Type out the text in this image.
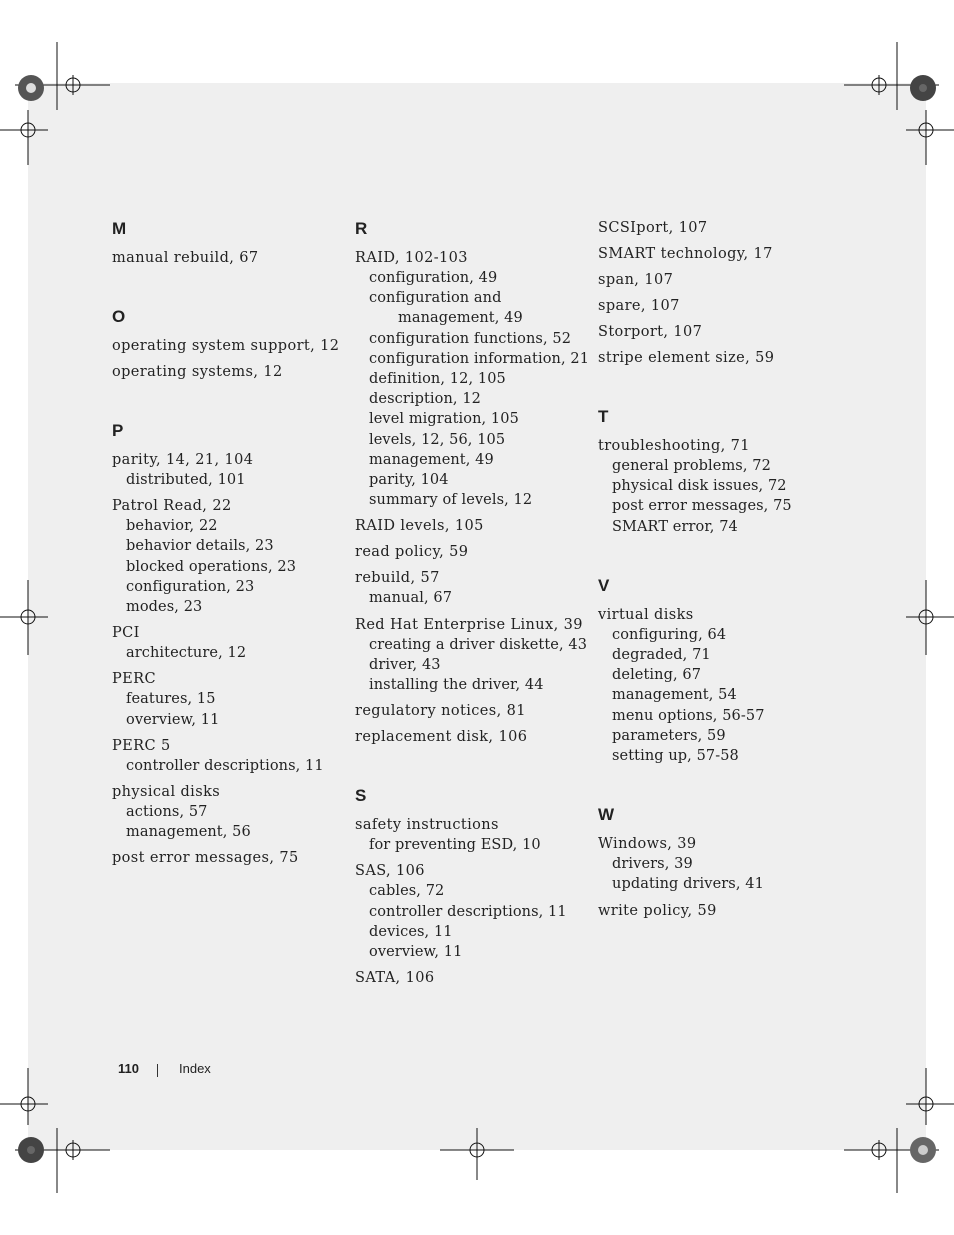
M
manual rebuild, 67
O
operating system support, 12
operating systems, 12
P
parity, 14, 21, 104
distributed, 101
Patrol Read, 22
behavior, 22
behavior details, 23
blocked operations, 23
configuration, 23
modes, 23
PCI
architecture, 12
PERC
features, 15
overview, 11
PERC 5
controller descriptions, 11
physical disks
actions, 57
management, 56
post error messages, 75
R
RAID, 102-103
configuration, 49
configuration and
management, 49
configuration functions, 52
configuration information, 21
definition, 12, 105
description, 12
level migration, 105
levels, 12, 56, 105
management, 49
parity, 104
summary of levels, 12
RAID levels, 105
read policy, 59
rebuild, 57
manual, 67
Red Hat Enterprise Linux, 39
creating a driver diskette, 43
driver, 43
installing the driver, 44
regulatory notices, 81
replacement disk, 106
S
safety instructions
for preventing ESD, 10
SAS, 106
cables, 72
controller descriptions, 11
devices, 11
overview, 11
SATA, 106
SCSIport, 107
SMART technology, 17
span, 107
spare, 107
Storport, 107
stripe element size, 59
T
troubleshooting, 71
general problems, 72
physical disk issues, 72
post error messages, 75
SMART error, 74
V
virtual disks
configuring, 64
degraded, 71
deleting, 67
management, 54
menu options, 56-57
parameters, 59
setting up, 57-58
W
Windows, 39
drivers, 39
updating drivers, 41
write policy, 59
110	Index
